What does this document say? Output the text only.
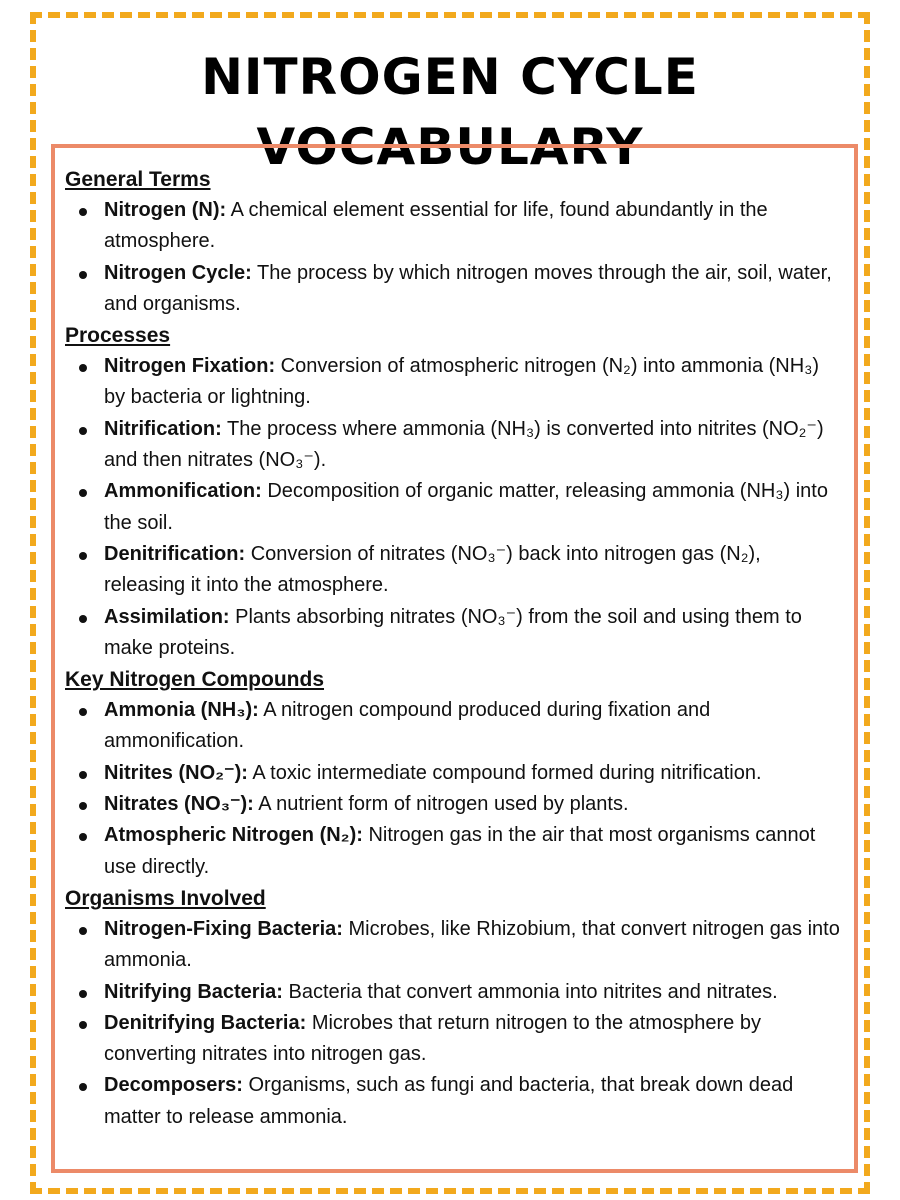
NITROGEN CYCLE VOCABULARY
General Terms
Nitrogen (N): A chemical element essential for life, found abundantly in the atmosphere.
Nitrogen Cycle: The process by which nitrogen moves through the air, soil, water, and organisms.
Processes
Nitrogen Fixation: Conversion of atmospheric nitrogen (N₂) into ammonia (NH₃) by bacteria or lightning.
Nitrification: The process where ammonia (NH₃) is converted into nitrites (NO₂⁻) and then nitrates (NO₃⁻).
Ammonification: Decomposition of organic matter, releasing ammonia (NH₃) into the soil.
Denitrification: Conversion of nitrates (NO₃⁻) back into nitrogen gas (N₂), releasing it into the atmosphere.
Assimilation: Plants absorbing nitrates (NO₃⁻) from the soil and using them to make proteins.
Key Nitrogen Compounds
Ammonia (NH₃): A nitrogen compound produced during fixation and ammonification.
Nitrites (NO₂⁻): A toxic intermediate compound formed during nitrification.
Nitrates (NO₃⁻): A nutrient form of nitrogen used by plants.
Atmospheric Nitrogen (N₂): Nitrogen gas in the air that most organisms cannot use directly.
Organisms Involved
Nitrogen-Fixing Bacteria: Microbes, like Rhizobium, that convert nitrogen gas into ammonia.
Nitrifying Bacteria: Bacteria that convert ammonia into nitrites and nitrates.
Denitrifying Bacteria: Microbes that return nitrogen to the atmosphere by converting nitrates into nitrogen gas.
Decomposers: Organisms, such as fungi and bacteria, that break down dead matter to release ammonia.
